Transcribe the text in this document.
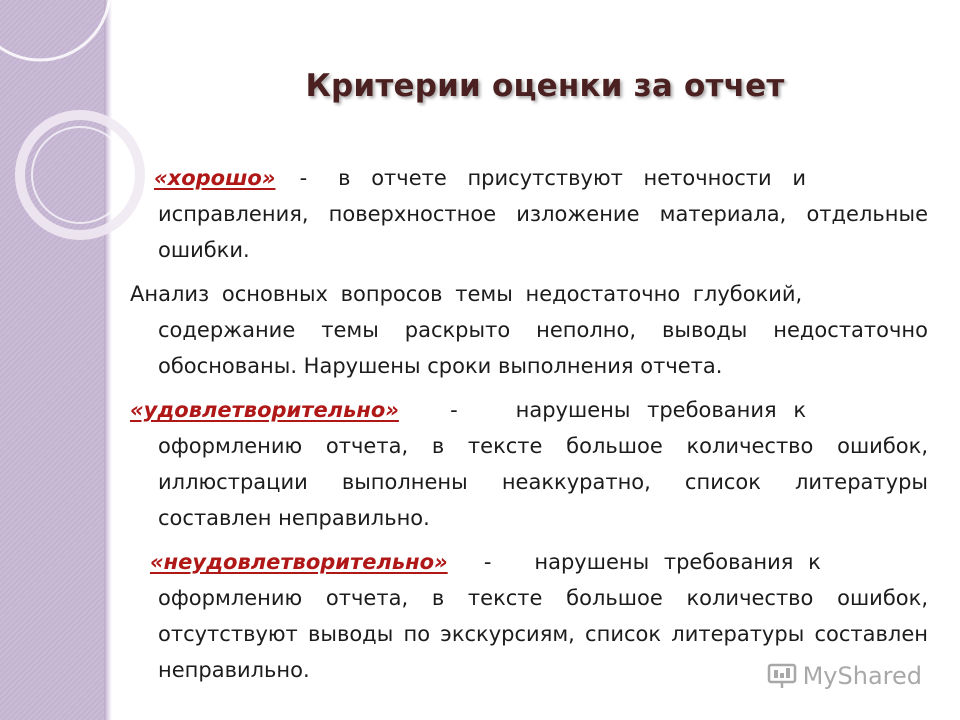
Критерии оценки за отчет

«хорошо» - в отчете присутствуют неточности и
исправления, поверхностное изложение материала, отдельные ошибки.

Анализ основных вопросов темы недостаточно глубокий,
содержание темы раскрыто неполно, выводы недостаточно обоснованы. Нарушены сроки выполнения отчета.

«удовлетворительно» -	нарушены требования к
оформлению отчета, в тексте большое количество ошибок, иллюстрации выполнены неаккуратно, список литературы составлен неправильно.

«неудовлетворительно» - нарушены требования к
оформлению отчета, в тексте большое количество ошибок, отсутствуют выводы по экскурсиям, список литературы составлен неправильно.	MyShared
